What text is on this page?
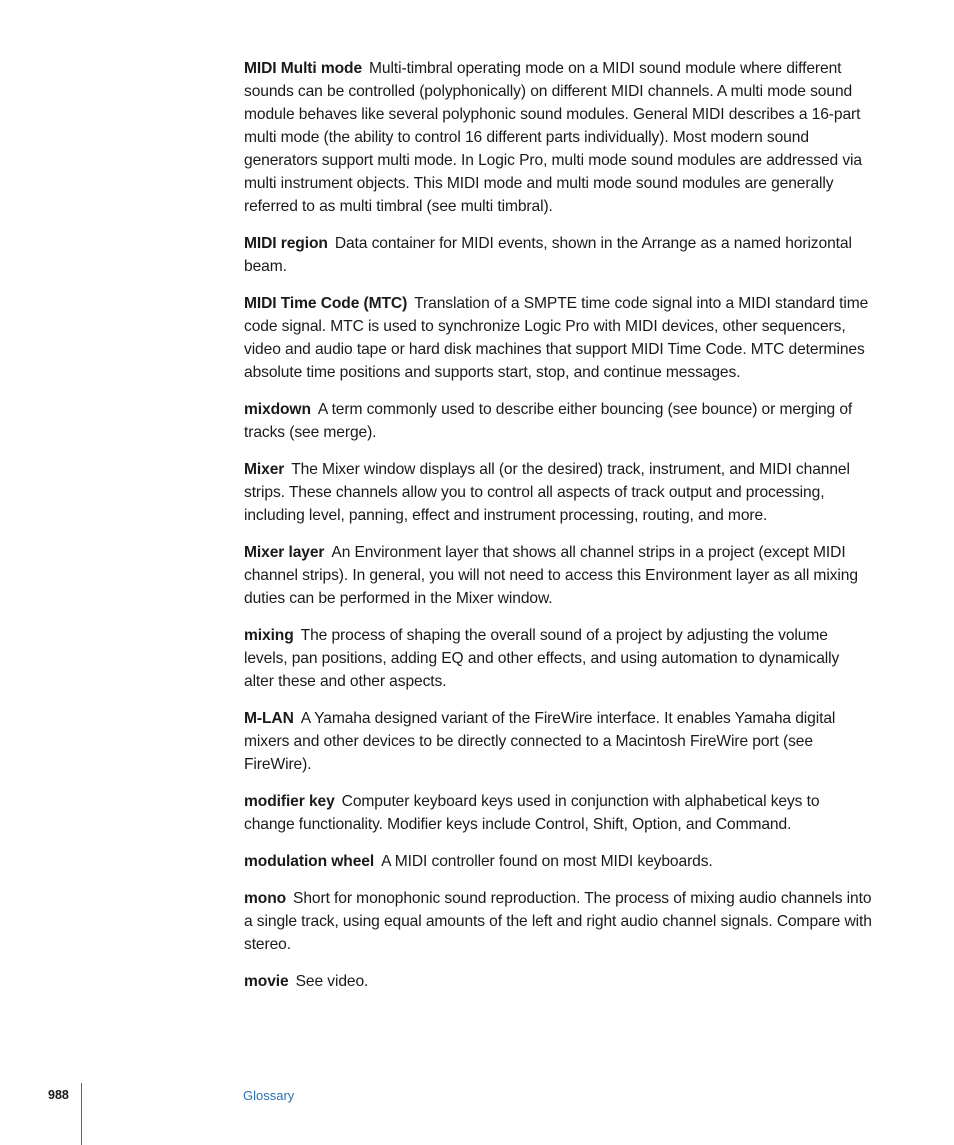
MIDI Multi mode Multi-timbral operating mode on a MIDI sound module where different sounds can be controlled (polyphonically) on different MIDI channels. A multi mode sound module behaves like several polyphonic sound modules. General MIDI describes a 16-part multi mode (the ability to control 16 different parts individually). Most modern sound generators support multi mode. In Logic Pro, multi mode sound modules are addressed via multi instrument objects. This MIDI mode and multi mode sound modules are generally referred to as multi timbral (see multi timbral).

MIDI region Data container for MIDI events, shown in the Arrange as a named horizontal beam.

MIDI Time Code (MTC) Translation of a SMPTE time code signal into a MIDI standard time code signal. MTC is used to synchronize Logic Pro with MIDI devices, other sequencers, video and audio tape or hard disk machines that support MIDI Time Code. MTC determines absolute time positions and supports start, stop, and continue messages.

mixdown A term commonly used to describe either bouncing (see bounce) or merging of tracks (see merge).

Mixer The Mixer window displays all (or the desired) track, instrument, and MIDI channel strips. These channels allow you to control all aspects of track output and processing, including level, panning, effect and instrument processing, routing, and more.

Mixer layer An Environment layer that shows all channel strips in a project (except MIDI channel strips). In general, you will not need to access this Environment layer as all mixing duties can be performed in the Mixer window.

mixing The process of shaping the overall sound of a project by adjusting the volume levels, pan positions, adding EQ and other effects, and using automation to dynamically alter these and other aspects.

M-LAN A Yamaha designed variant of the FireWire interface. It enables Yamaha digital mixers and other devices to be directly connected to a Macintosh FireWire port (see FireWire).

modifier key Computer keyboard keys used in conjunction with alphabetical keys to change functionality. Modifier keys include Control, Shift, Option, and Command.

modulation wheel A MIDI controller found on most MIDI keyboards.

mono Short for monophonic sound reproduction. The process of mixing audio channels into a single track, using equal amounts of the left and right audio channel signals. Compare with stereo.

movie See video.

988	Glossary
